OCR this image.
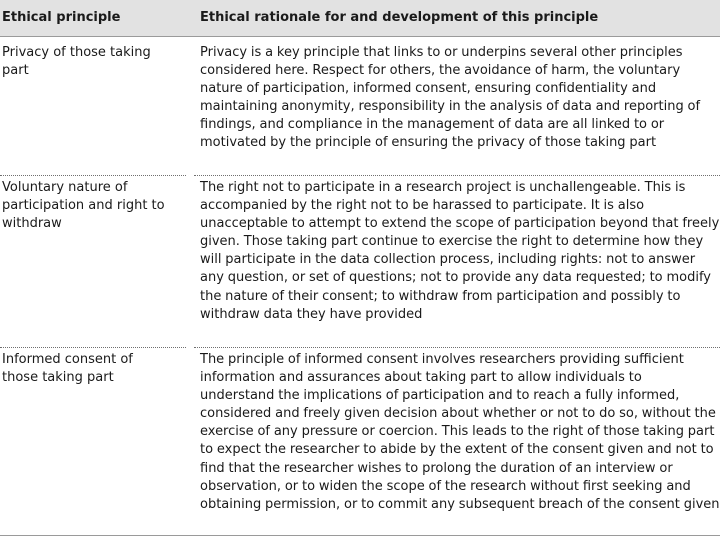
Ethical principle	Ethical rationale for and development of this principle
Privacy of those taking part
Privacy is a key principle that links to or underpins several other principles considered here. Respect for others, the avoidance of harm, the voluntary nature of participation, informed consent, ensuring confidentiality and maintaining anonymity, responsibility in the analysis of data and reporting of findings, and compliance in the management of data are all linked to or motivated by the principle of ensuring the privacy of those taking part
Voluntary nature of participation and right to withdraw
The right not to participate in a research project is unchallengeable. This is accompanied by the right not to be harassed to participate. It is also unacceptable to attempt to extend the scope of participation beyond that freely given. Those taking part continue to exercise the right to determine how they will participate in the data collection process, including rights: not to answer any question, or set of questions; not to provide any data requested; to modify the nature of their consent; to withdraw from participation and possibly to withdraw data they have provided
Informed consent of those taking part
The principle of informed consent involves researchers providing sufficient information and assurances about taking part to allow individuals to understand the implications of participation and to reach a fully informed, considered and freely given decision about whether or not to do so, without the exercise of any pressure or coercion. This leads to the right of those taking part to expect the researcher to abide by the extent of the consent given and not to find that the researcher wishes to prolong the duration of an interview or observation, or to widen the scope of the research without first seeking and obtaining permission, or to commit any subsequent breach of the consent given
